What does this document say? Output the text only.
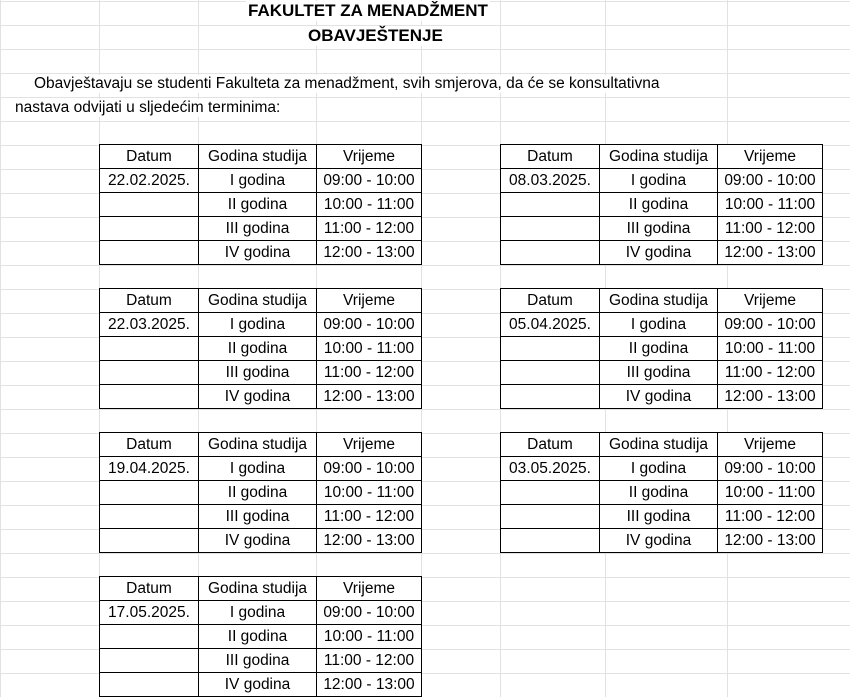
FAKULTET ZA MENADŽMENT
OBAVJEŠTENJE
Obavještavaju se studenti Fakulteta za menadžment, svih smjerova, da će se konsultativna
nastava odvijati u sljedećim terminima:
Datum	Godina studija	Vrijeme
22.02.2025.	I godina	09:00 - 10:00
	II godina	10:00 - 11:00
	III godina	11:00 - 12:00
	IV godina	12:00 - 13:00
Datum	Godina studija	Vrijeme
08.03.2025.	I godina	09:00 - 10:00
	II godina	10:00 - 11:00
	III godina	11:00 - 12:00
	IV godina	12:00 - 13:00
Datum	Godina studija	Vrijeme
22.03.2025.	I godina	09:00 - 10:00
	II godina	10:00 - 11:00
	III godina	11:00 - 12:00
	IV godina	12:00 - 13:00
Datum	Godina studija	Vrijeme
05.04.2025.	I godina	09:00 - 10:00
	II godina	10:00 - 11:00
	III godina	11:00 - 12:00
	IV godina	12:00 - 13:00
Datum	Godina studija	Vrijeme
19.04.2025.	I godina	09:00 - 10:00
	II godina	10:00 - 11:00
	III godina	11:00 - 12:00
	IV godina	12:00 - 13:00
Datum	Godina studija	Vrijeme
03.05.2025.	I godina	09:00 - 10:00
	II godina	10:00 - 11:00
	III godina	11:00 - 12:00
	IV godina	12:00 - 13:00
Datum	Godina studija	Vrijeme
17.05.2025.	I godina	09:00 - 10:00
	II godina	10:00 - 11:00
	III godina	11:00 - 12:00
	IV godina	12:00 - 13:00
